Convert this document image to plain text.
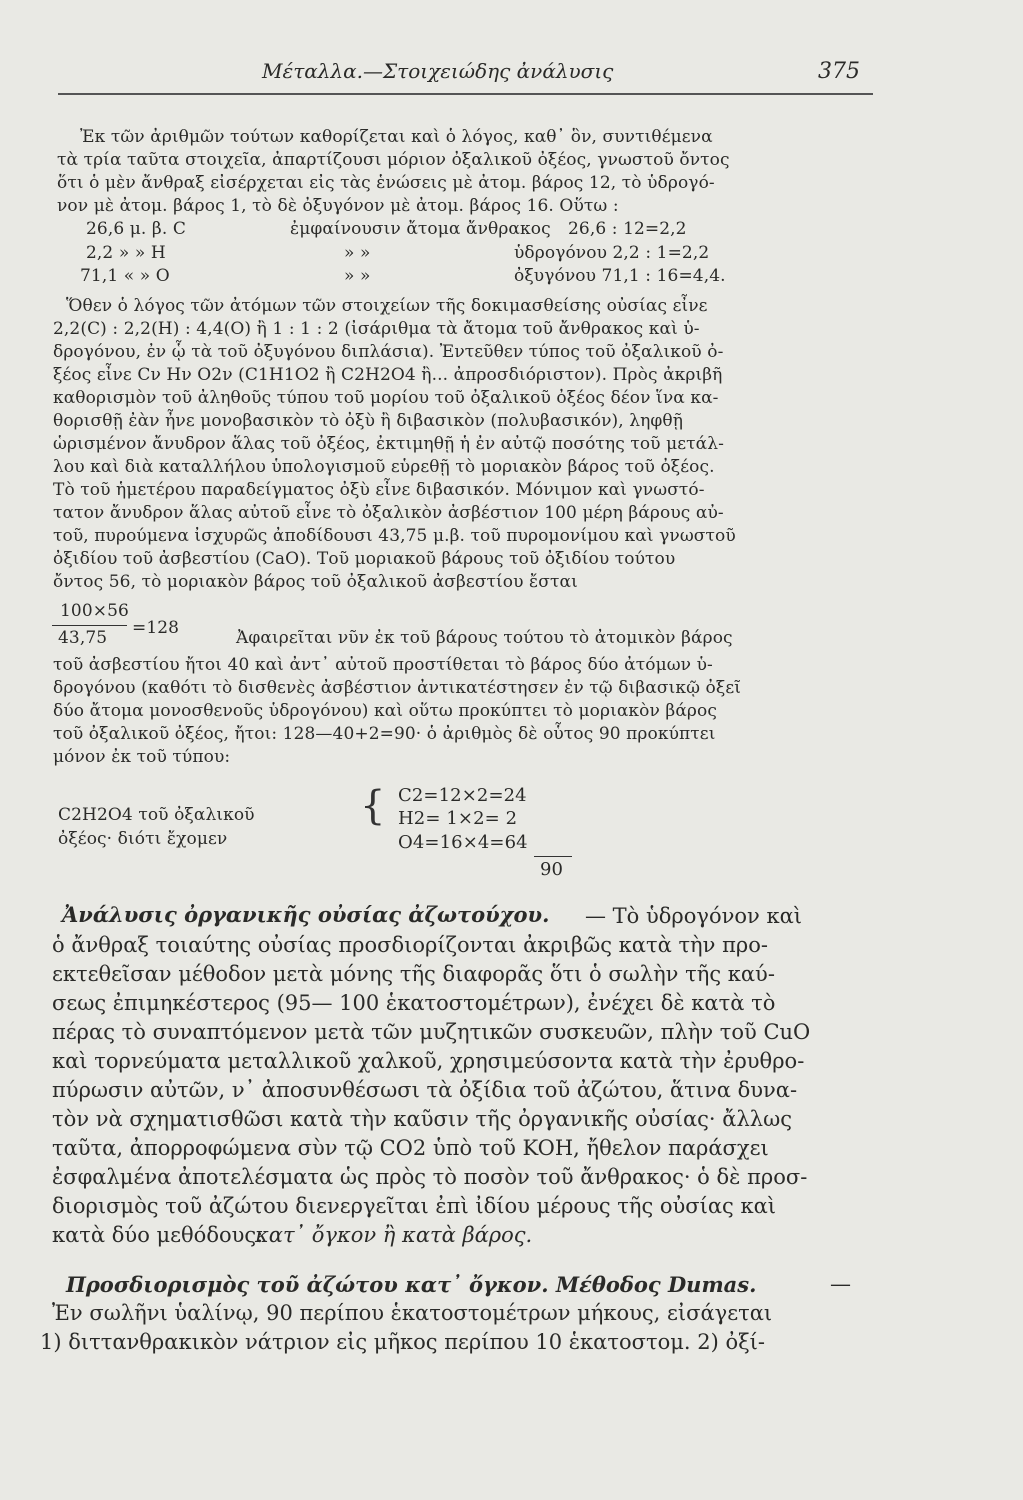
Μέταλλα.—Στοιχειώδης ἀνάλυσις	375
Ἐκ τῶν ἀριθμῶν τούτων καθορίζεται καὶ ὁ λόγος, καθ᾽ ὃν, συντιθέμενα
τὰ τρία ταῦτα στοιχεῖα, ἀπαρτίζουσι μόριον ὀξαλικοῦ ὀξέος, γνωστοῦ ὄντος
ὅτι ὁ μὲν ἄνθραξ εἰσέρχεται εἰς τὰς ἑνώσεις μὲ ἀτομ. βάρος 12, τὸ ὑδρογό-
νον μὲ ἀτομ. βάρος 1, τὸ δὲ ὀξυγόνον μὲ ἀτομ. βάρος 16. Οὕτω :
26,6 μ. β. C	ἐμφαίνουσιν ἄτομα ἄνθρακος 26,6 : 12=2,2
2,2 » » H	» »	ὑδρογόνου 2,2 : 1=2,2
71,1 « » O	» »	ὀξυγόνου 71,1 : 16=4,4.
Ὅθεν ὁ λόγος τῶν ἀτόμων τῶν στοιχείων τῆς δοκιμασθείσης οὐσίας εἶνε
2,2(C) : 2,2(H) : 4,4(O) ἢ 1 : 1 : 2 (ἰσάριθμα τὰ ἄτομα τοῦ ἄνθρακος καὶ ὑ-
δρογόνου, ἐν ᾧ τὰ τοῦ ὀξυγόνου διπλάσια). Ἐντεῦθεν τύπος τοῦ ὀξαλικοῦ ὀ-
ξέος εἶνε Cν Hν O2ν (C1H1O2 ἢ C2H2O4 ἢ... ἀπροσδιόριστον). Πρὸς ἀκριβῆ
καθορισμὸν τοῦ ἀληθοῦς τύπου τοῦ μορίου τοῦ ὀξαλικοῦ ὀξέος δέον ἵνα κα-
θορισθῇ ἐὰν ἦνε μονοβασικὸν τὸ ὀξὺ ἢ διβασικὸν (πολυβασικόν), ληφθῇ
ὡρισμένον ἄνυδρον ἅλας τοῦ ὀξέος, ἐκτιμηθῇ ἡ ἐν αὐτῷ ποσότης τοῦ μετάλ-
λου καὶ διὰ καταλλήλου ὑπολογισμοῦ εὑρεθῇ τὸ μοριακὸν βάρος τοῦ ὀξέος.
Τὸ τοῦ ἡμετέρου παραδείγματος ὀξὺ εἶνε διβασικόν. Μόνιμον καὶ γνωστό-
τατον ἄνυδρον ἅλας αὐτοῦ εἶνε τὸ ὀξαλικὸν ἀσβέστιον 100 μέρη βάρους αὐ-
τοῦ, πυρούμενα ἰσχυρῶς ἀποδίδουσι 43,75 μ.β. τοῦ πυρομονίμου καὶ γνωστοῦ
ὀξιδίου τοῦ ἀσβεστίου (CaO). Τοῦ μοριακοῦ βάρους τοῦ ὀξιδίου τούτου
ὄντος 56, τὸ μοριακὸν βάρος τοῦ ὀξαλικοῦ ἀσβεστίου ἔσται
100×56
43,75 =128	Ἀφαιρεῖται νῦν ἐκ τοῦ βάρους τούτου τὸ ἀτομικὸν βάρος
τοῦ ἀσβεστίου ἤτοι 40 καὶ ἀντ᾽ αὐτοῦ προστίθεται τὸ βάρος δύο ἀτόμων ὑ-
δρογόνου (καθότι τὸ δισθενὲς ἀσβέστιον ἀντικατέστησεν ἐν τῷ διβασικῷ ὀξεῖ
δύο ἄτομα μονοσθενοῦς ὑδρογόνου) καὶ οὕτω προκύπτει τὸ μοριακὸν βάρος
τοῦ ὀξαλικοῦ ὀξέος, ἤτοι: 128—40+2=90· ὁ ἀριθμὸς δὲ οὗτος 90 προκύπτει
μόνον ἐκ τοῦ τύπου:
C2H2O4 τοῦ ὀξαλικοῦ
ὀξέος· διότι ἔχομεν
{ C2=12×2=24
H2= 1×2= 2
O4=16×4=64
90
Ἀνάλυσις ὀργανικῆς οὐσίας ἀζωτούχου. — Τὸ ὑδρογόνον καὶ
ὁ ἄνθραξ τοιαύτης οὐσίας προσδιορίζονται ἀκριβῶς κατὰ τὴν προ-
εκτεθεῖσαν μέθοδον μετὰ μόνης τῆς διαφορᾶς ὅτι ὁ σωλὴν τῆς καύ-
σεως ἐπιμηκέστερος (95— 100 ἑκατοστομέτρων), ἐνέχει δὲ κατὰ τὸ
πέρας τὸ συναπτόμενον μετὰ τῶν μυζητικῶν συσκευῶν, πλὴν τοῦ CuO
καὶ τορνεύματα μεταλλικοῦ χαλκοῦ, χρησιμεύσοντα κατὰ τὴν ἐρυθρο-
πύρωσιν αὐτῶν, ν᾽ ἀποσυνθέσωσι τὰ ὀξίδια τοῦ ἀζώτου, ἅτινα δυνα-
τὸν νὰ σχηματισθῶσι κατὰ τὴν καῦσιν τῆς ὀργανικῆς οὐσίας· ἄλλως
ταῦτα, ἀπορροφώμενα σὺν τῷ CO2 ὑπὸ τοῦ KOH, ἤθελον παράσχει
ἐσφαλμένα ἀποτελέσματα ὡς πρὸς τὸ ποσὸν τοῦ ἄνθρακος· ὁ δὲ προσ-
διορισμὸς τοῦ ἀζώτου διενεργεῖται ἐπὶ ἰδίου μέρους τῆς οὐσίας καὶ
κατὰ δύο μεθόδους:
κατ᾽ ὄγκον ἢ κατὰ βάρος.
Προσδιορισμὸς τοῦ ἀζώτου κατ᾽ ὄγκον. Μέθοδος Dumas.	—
Ἐν σωλῆνι ὑαλίνῳ, 90 περίπου ἑκατοστομέτρων μήκους, εἰσάγεται
1) διττανθρακικὸν νάτριον εἰς μῆκος περίπου 10 ἑκατοστομ. 2) ὀξί-
